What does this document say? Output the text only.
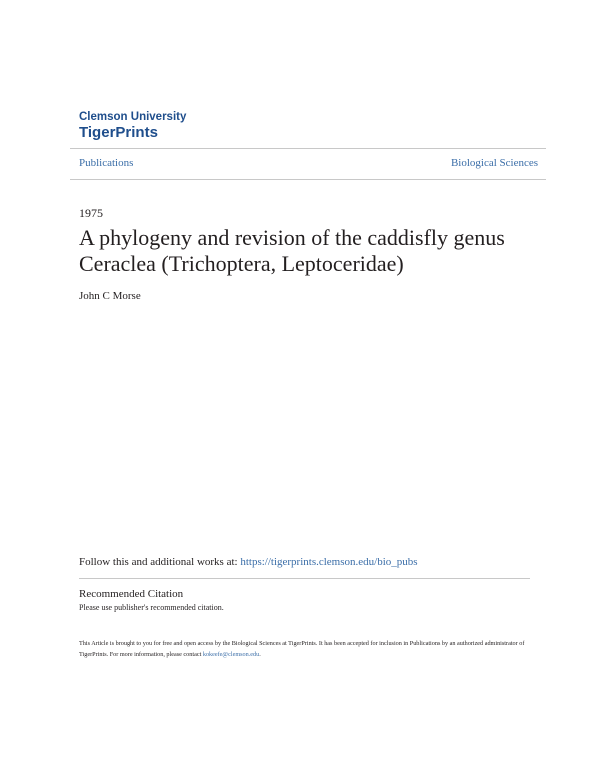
Clemson University
TigerPrints
Publications	Biological Sciences
1975
A phylogeny and revision of the caddisfly genus Ceraclea (Trichoptera, Leptoceridae)
John C Morse
Follow this and additional works at: https://tigerprints.clemson.edu/bio_pubs
Recommended Citation
Please use publisher's recommended citation.
This Article is brought to you for free and open access by the Biological Sciences at TigerPrints. It has been accepted for inclusion in Publications by an authorized administrator of TigerPrints. For more information, please contact kokeefe@clemson.edu.
